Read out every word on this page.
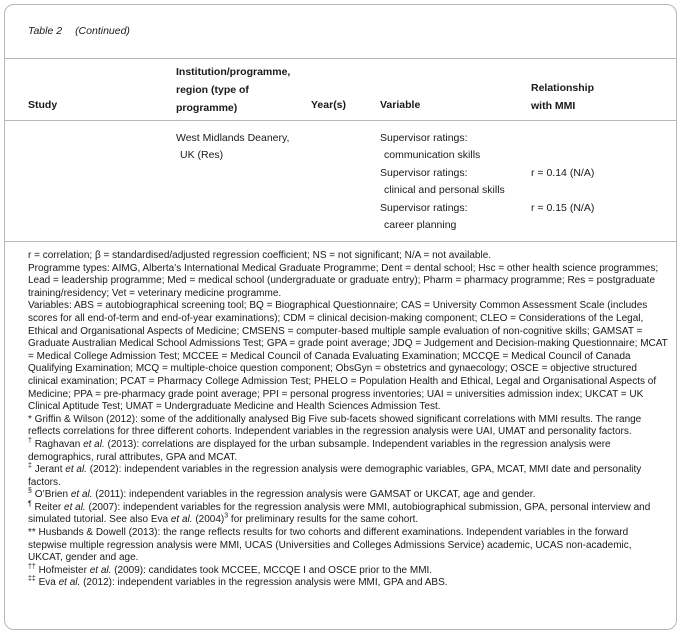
Table 2 (Continued)
Institution/programme,
region (type of
programme)
Study	Year(s)	Variable
Relationship
with MMI
West Midlands Deanery,
UK (Res)
Supervisor ratings:
communication skills
Supervisor ratings:
clinical and personal skills
r = 0.14 (N/A)
Supervisor ratings:
career planning
r = 0.15 (N/A)

r = correlation; β = standardised/adjusted regression coefficient; NS = not significant; N/A = not available.

Programme types: AIMG, Alberta’s International Medical Graduate Programme; Dent = dental school; Hsc = other health science programmes; Lead = leadership programme; Med = medical school (undergraduate or graduate entry); Pharm = pharmacy programme; Res = postgraduate training/residency; Vet = veterinary medicine programme.

Variables: ABS = autobiographical screening tool; BQ = Biographical Questionnaire; CAS = University Common Assessment Scale (includes scores for all end-of-term and end-of-year examinations); CDM = clinical decision-making component; CLEO = Considerations of the Legal, Ethical and Organisational Aspects of Medicine; CMSENS = computer-based multiple sample evaluation of non-cognitive skills; GAMSAT = Graduate Australian Medical School Admissions Test; GPA = grade point average; JDQ = Judgement and Decision-making Questionnaire; MCAT = Medical College Admission Test; MCCEE = Medical Council of Canada Evaluating Examination; MCCQE = Medical Council of Canada Qualifying Examination; MCQ = multiple-choice question component; ObsGyn = obstetrics and gynaecology; OSCE = objective structured clinical examination; PCAT = Pharmacy College Admission Test; PHELO = Population Health and Ethical, Legal and Organisational Aspects of Medicine; PPA = pre-pharmacy grade point average; PPI = personal progress inventories; UAI = universities admission index; UKCAT = UK Clinical Aptitude Test; UMAT = Undergraduate Medicine and Health Sciences Admission Test.

* Griffin & Wilson (2012): some of the additionally analysed Big Five sub-facets showed significant correlations with MMI results. The range reflects correlations for three different cohorts. Independent variables in the regression analysis were UAI, UMAT and personality factors.

† Raghavan et al. (2013): correlations are displayed for the urban subsample. Independent variables in the regression analysis were demographics, rural attributes, GPA and MCAT.

‡ Jerant et al. (2012): independent variables in the regression analysis were demographic variables, GPA, MCAT, MMI date and personality factors.

§ O’Brien et al. (2011): independent variables in the regression analysis were GAMSAT or UKCAT, age and gender.

¶ Reiter et al. (2007): independent variables for the regression analysis were MMI, autobiographical submission, GPA, personal interview and simulated tutorial. See also Eva et al. $(2004)^3$ for preliminary results for the same cohort.

** Husbands & Dowell (2013): the range reflects results for two cohorts and different examinations. Independent variables in the forward stepwise multiple regression analysis were MMI, UCAS (Universities and Colleges Admissions Service) academic, UCAS non-academic, UKCAT, gender and age.

†† Hofmeister et al. (2009): candidates took MCCEE, MCCQE I and OSCE prior to the MMI.

‡‡ Eva et al. (2012): independent variables in the regression analysis were MMI, GPA and ABS.
